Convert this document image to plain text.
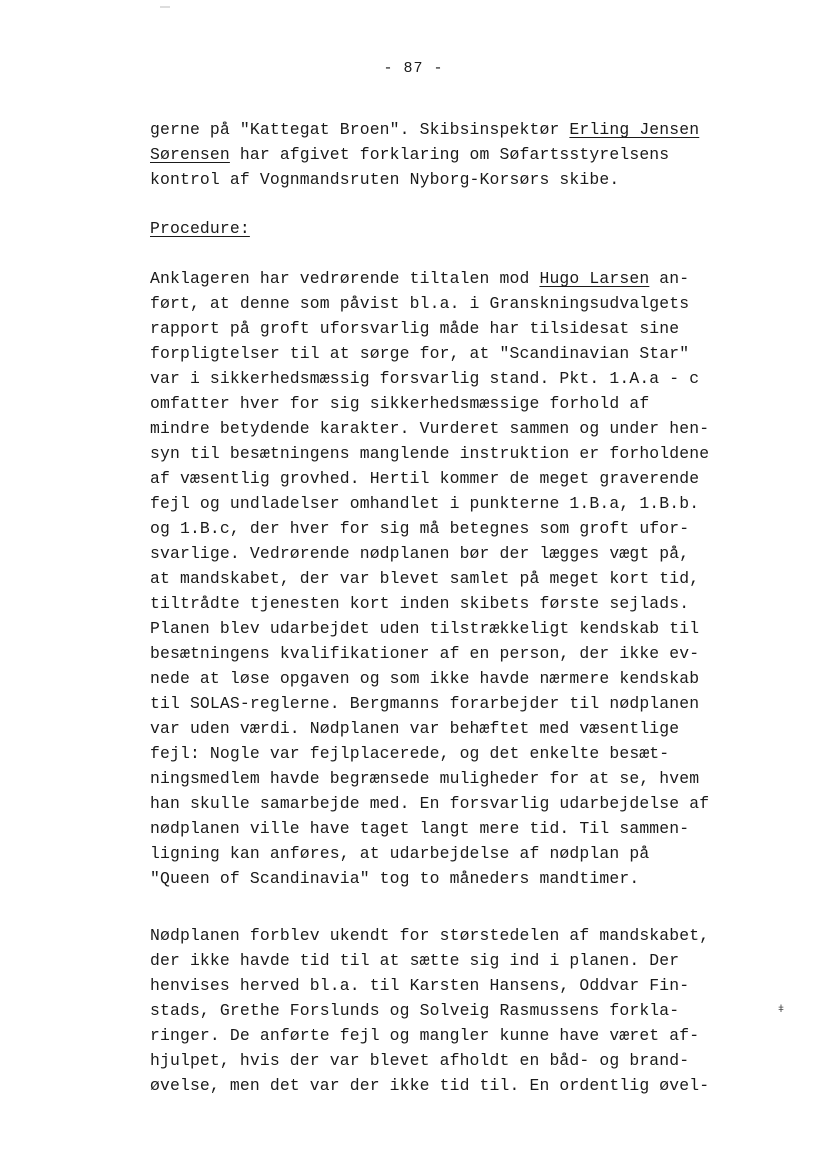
- 87 -
gerne på "Kattegat Broen". Skibsinspektør Erling Jensen
Sørensen har afgivet forklaring om Søfartsstyrelsens
kontrol af Vognmandsruten Nyborg-Korsørs skibe.
Procedure:
Anklageren har vedrørende tiltalen mod Hugo Larsen an-
ført, at denne som påvist bl.a. i Granskningsudvalgets
rapport på groft uforsvarlig måde har tilsidesat sine
forpligtelser til at sørge for, at "Scandinavian Star"
var i sikkerhedsmæssig forsvarlig stand. Pkt. 1.A.a - c
omfatter hver for sig sikkerhedsmæssige forhold af
mindre betydende karakter. Vurderet sammen og under hen-
syn til besætningens manglende instruktion er forholdene
af væsentlig grovhed. Hertil kommer de meget graverende
fejl og undladelser omhandlet i punkterne 1.B.a, 1.B.b.
og 1.B.c, der hver for sig må betegnes som groft ufor-
svarlige. Vedrørende nødplanen bør der lægges vægt på,
at mandskabet, der var blevet samlet på meget kort tid,
tiltrådte tjenesten kort inden skibets første sejlads.
Planen blev udarbejdet uden tilstrækkeligt kendskab til
besætningens kvalifikationer af en person, der ikke ev-
nede at løse opgaven og som ikke havde nærmere kendskab
til SOLAS-reglerne. Bergmanns forarbejder til nødplanen
var uden værdi. Nødplanen var behæftet med væsentlige
fejl: Nogle var fejlplacerede, og det enkelte besæt-
ningsmedlem havde begrænsede muligheder for at se, hvem
han skulle samarbejde med. En forsvarlig udarbejdelse af
nødplanen ville have taget langt mere tid. Til sammen-
ligning kan anføres, at udarbejdelse af nødplan på
"Queen of Scandinavia" tog to måneders mandtimer.
Nødplanen forblev ukendt for størstedelen af mandskabet,
der ikke havde tid til at sætte sig ind i planen. Der
henvises herved bl.a. til Karsten Hansens, Oddvar Fin-
stads, Grethe Forslunds og Solveig Rasmussens forkla-
ringer. De anførte fejl og mangler kunne have været af-
hjulpet, hvis der var blevet afholdt en båd- og brand-
øvelse, men det var der ikke tid til. En ordentlig øvel-
ǂ
